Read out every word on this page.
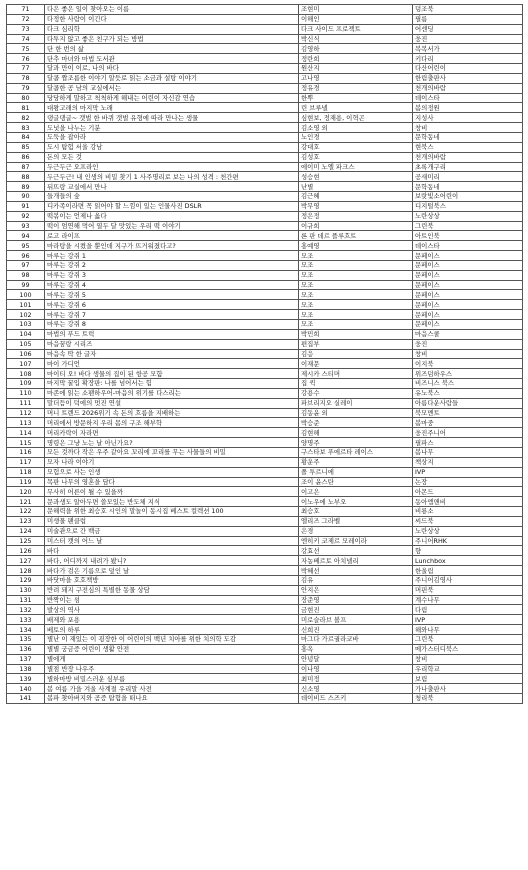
71	다은 좋은 일이 찾아오는 이름	조현미	덩조북
72	다정한 사람이 이긴다	이해인	필름
73	다크 심리학	다크 사이드 프로젝트	어센딩
74	다투지 않고 좋은 친구가 되는 방법	박신식	웅진
75	단 한 번의 삶	김영하	복복서가
76	단추 마녀와 마법 도서관	정란희	키다리
77	달과 만이 이로, 나의 바다	원산지	다산어린이
78	달콤 짭조름한 이야기 알듯로 읽는 소금과 설탕 이야기	고나영	한림출판사
79	달콤한 공 남의 교실에서는	정유경	천개의바람
80	당당하게 말하고 척척하게 해내는 어린이 자신감 연습	한뿌	데이스타
81	대왕고래의 마지막 노래	린 브루넬	봄의정원
82	댕글댕글~ 갯벌 한 바퀴 갯벌 유형에 따라 만나는 생물	심현보, 정재용, 이혁곤	지성사
83	도넛을 나누는 기분	김소영 외	창비
84	도둑을 잡아라	노인경	문학동네
85	도시 탐험 서울 강남	강대호	현북스
86	돈의 모든 것	김성호	천개의바람
87	두근두근 오프라인	에이미 노엘 파크스	초록개구리
88	두근두근! 내 인생의 비밀 찾기 1 사주명리로 보는 나의 성격 : 천간편	성승현	공새미리
89	뒤뜨랑 교실에서 만나	난별	문학동네
90	들개들의 숲	김근혜	보랏빛소어린이
91	디카족이라면 꼭 읽어야 할 느낌이 있는 인물사진 DSLR	박무영	디지털북스
92	떡볶이는 언제나 옳다	정은정	노란상상
93	떡이 엄연해 먹어 열두 달 맛있는 우리 떡 이야기	이규희	그린북
94	로고 라이프	론 판 데르 플루흐트	아트인북
95	마라탕을 시켰을 뿐인데 지구가 뜨거워졌다고?	홍예영	데이스타
96	마루는 강쥐 1	모조	문페이스
97	마루는 강쥐 2	모조	문페이스
98	마루는 강쥐 3	모조	문페이스
99	마루는 강쥐 4	모조	문페이스
100	마루는 강쥐 5	모조	문페이스
101	마루는 강쥐 6	모조	문페이스
102	마루는 강쥐 7	모조	문페이스
103	마루는 강쥐 8	모조	문페이스
104	마법의 푸드 트럭	박민희	마음스쿨
105	마음꿈랑 시리즈	편집부	웅진
106	마음속 딱 한 글자	김응	창비
107	마이 가디언	이재문	이지북
108	마이티 오! 바다 생물의 집이 된 항공 모함	제시카 스티머	위즈덤하우스
109	마지막 꿀입 확장판: 나를 넘어서는 힘	집 퀵	비즈니스 북스
110	마존에 읽는 소팬하우어-마음의 위기를 다스리는	강용수	유노북스
111	말더듬이 덕에의 멋진 연설	파브리지오 실레이	아름다운사람들
112	머니 트렌드 2026위기 속 돈의 흐름을 지배하는	김동윤 외	북모멘트
113	머리에서 방문하지 우리 몸의 구조 해부학	박승준	봄마중
114	머리카락이 자라면	김현해	웅진주니어
115	명령은 그냥 노는 날 아닌가요?	양명주	필파스
116	모든 것까다 작은 우주 같아요 꼬리에 꼬리를 무는 사물들의 비밀	구스타보 푸에르타 레이스	봄나무
117	모자 나라 이야기	황운주	책상지
118	모험으로 사는 인생	폴 투르니에	IVP
119	목판 나무의 영혼을 담다	조이 윤스탄	논장
120	무사히 어른이 될 수 있을까	이고은	아몬드
121	문과생도 알아두면 쓸모있는 반도체 지식	이노우에 노부오	동아엠앤비
122	문해력을 위한 최승호 시인의 말놀이 동시집 베스트 컬렉션 100	최승호	비룡소
123	미생물 팬클럽	엘리즈 그라벨	씨드북
124	미술관으로 간 백금	은경	노란상상
125	미스터 캣의 어느 날	엔히키 코제르 모레이라	주니어RHK
126	바다	강효선	향
127	바다, 어디까지 내려가 봤니?	자농베르토 아치넬리	Lunchbox
128	바다가 검은 기름으로 덮인 날	박혜선	한울림
129	바닷마을 호호책방	김유	주니어김영사
130	반려 돼지 구전심의 특별한 동물 상담	안지은	머핀북
131	반짝이는 섬	장준영	계수나무
132	발상의 역사	금현진	다림
133	배제와 포용	미로슬라브 볼프	IVP
134	베토의 하루	신희진	해와나무
135	별난 이 재있는 이 굉장한 이 어린이의 백년 치아를 위한 치의학 도감	마그다 가르궐라코바	그린북
136	별별 궁금증 어린이 생활 안전	홍옥	메가스터디북스
137	별에게	안녕달	창비
138	별점 반장 나우주	이나영	우리학교
139	별하마방 비밀스러운 심부름	최미정	보림
140	봄 여름 가을 겨울 사계절 우리말 사전	신소영	가나출판사
141	봄파 찾아버지와 곰증 탐험을 떠나요	데이비드 스즈키	청리북
